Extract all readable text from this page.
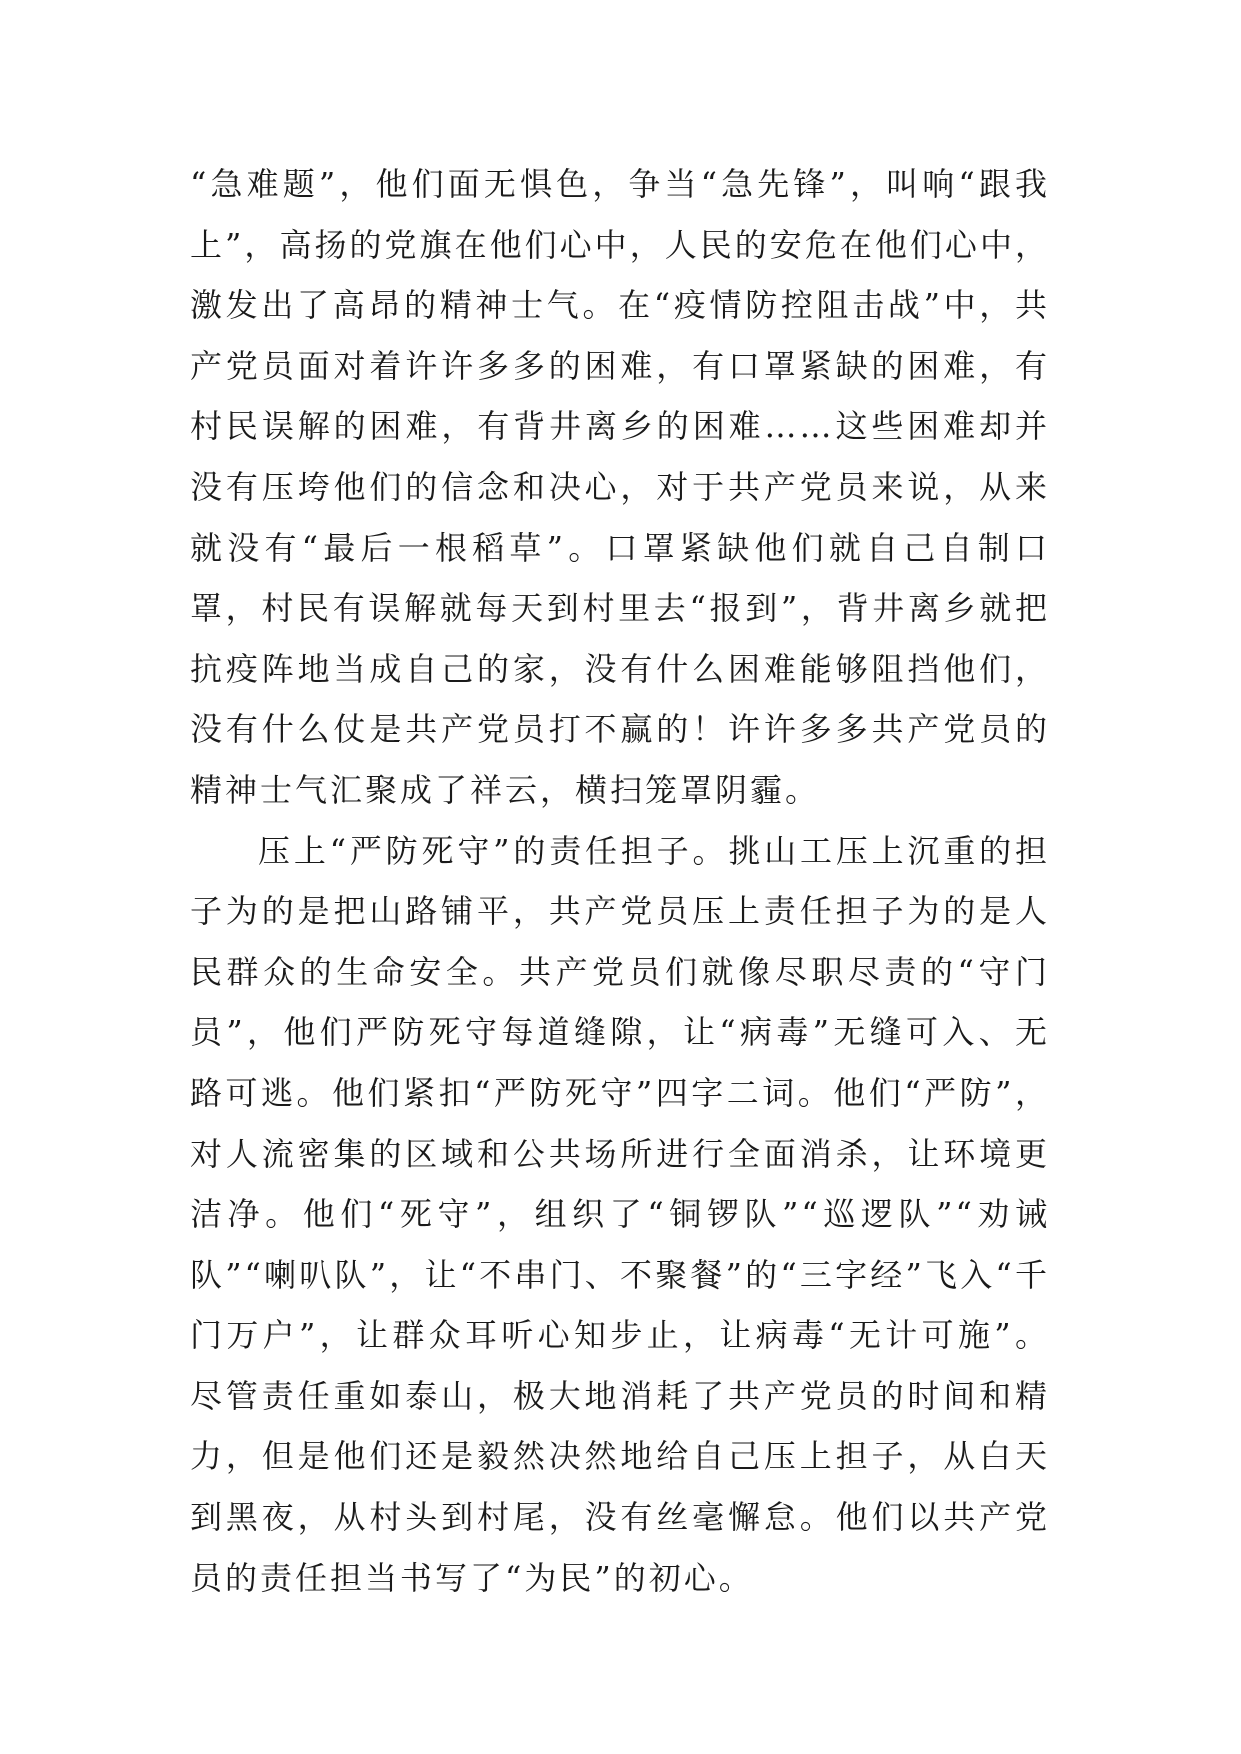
“急难题”，他们面无惧色，争当“急先锋”，叫响“跟我上”，高扬的党旗在他们心中，人民的安危在他们心中，激发出了高昂的精神士气。在“疫情防控阻击战”中，共产党员面对着许许多多的困难，有口罩紧缺的困难，有村民误解的困难，有背井离乡的困难……这些困难却并没有压垮他们的信念和决心，对于共产党员来说，从来就没有“最后一根稻草”。口罩紧缺他们就自己自制口罩，村民有误解就每天到村里去“报到”，背井离乡就把抗疫阵地当成自己的家，没有什么困难能够阻挡他们，没有什么仗是共产党员打不赢的！许许多多共产党员的精神士气汇聚成了祥云，横扫笼罩阴霾。

压上“严防死守”的责任担子。挑山工压上沉重的担子为的是把山路铺平，共产党员压上责任担子为的是人民群众的生命安全。共产党员们就像尽职尽责的“守门员”，他们严防死守每道缝隙，让“病毒”无缝可入、无路可逃。他们紧扣“严防死守”四字二词。他们“严防”，对人流密集的区域和公共场所进行全面消杀，让环境更洁净。他们“死守”，组织了“铜锣队”“巡逻队”“劝诫队”“喇叭队”，让“不串门、不聚餐”的“三字经”飞入“千门万户”，让群众耳听心知步止，让病毒“无计可施”。尽管责任重如泰山，极大地消耗了共产党员的时间和精力，但是他们还是毅然决然地给自己压上担子，从白天到黑夜，从村头到村尾，没有丝毫懈怠。他们以共产党员的责任担当书写了“为民”的初心。
